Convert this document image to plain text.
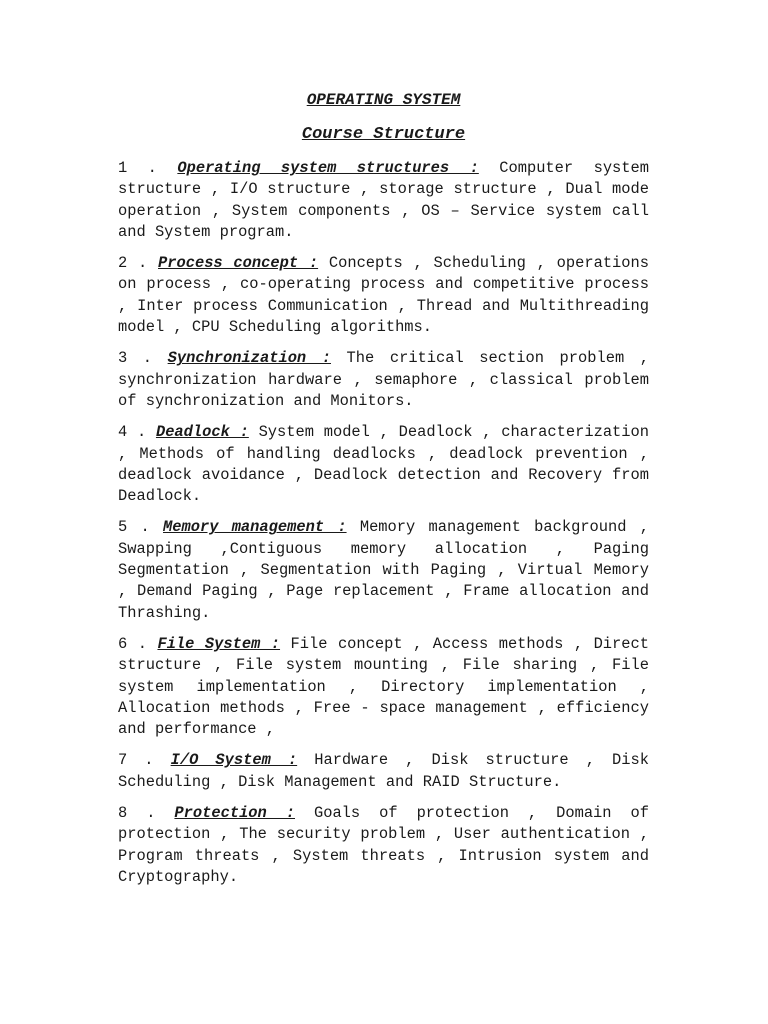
OPERATING SYSTEM

Course Structure

1 . Operating system structures : Computer system structure , I/O structure , storage structure , Dual mode operation , System components , OS – Service system call and System program.

2 . Process concept : Concepts , Scheduling , operations on process , co-operating process and competitive process , Inter process Communication , Thread and Multithreading model , CPU Scheduling algorithms.

3 . Synchronization : The critical section problem , synchronization hardware , semaphore , classical problem of synchronization and Monitors.

4 . Deadlock : System model , Deadlock , characterization , Methods of handling deadlocks , deadlock prevention , deadlock avoidance , Deadlock detection and Recovery from Deadlock.

5 . Memory management : Memory management background , Swapping ,Contiguous memory allocation , Paging Segmentation , Segmentation with Paging , Virtual Memory , Demand Paging , Page replacement , Frame allocation and Thrashing.

6 . File System : File concept , Access methods , Direct structure , File system mounting , File sharing , File system implementation , Directory implementation , Allocation methods , Free - space management , efficiency and performance ,

7 . I/O System : Hardware , Disk structure , Disk Scheduling , Disk Management and RAID Structure.

8 . Protection : Goals of protection , Domain of protection , The security problem , User authentication , Program threats , System threats , Intrusion system and Cryptography.
